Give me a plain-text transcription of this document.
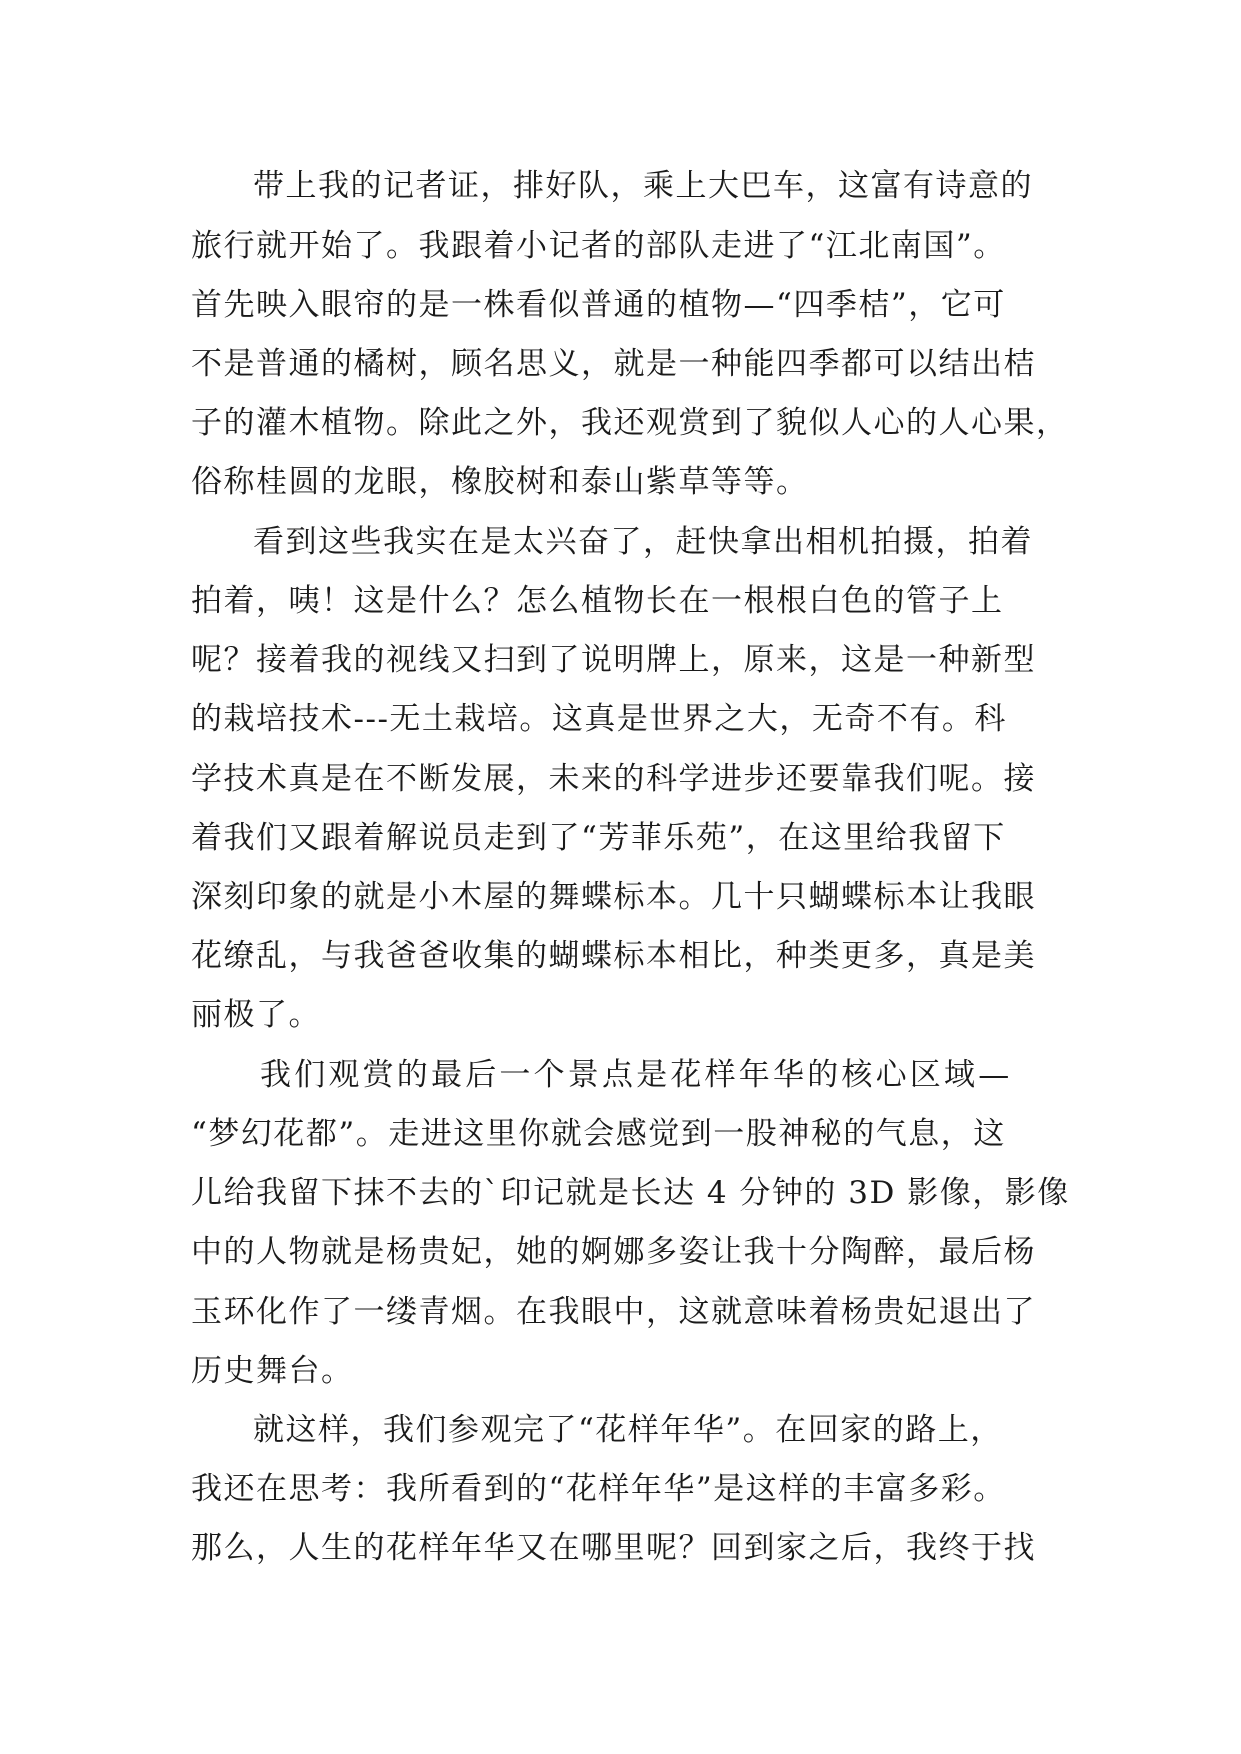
带上我的记者证，排好队，乘上大巴车，这富有诗意的
旅行就开始了。我跟着小记者的部队走进了“江北南国”。
首先映入眼帘的是一株看似普通的植物—“四季桔”，它可
不是普通的橘树，顾名思义，就是一种能四季都可以结出桔
子的灌木植物。除此之外，我还观赏到了貌似人心的人心果，
俗称桂圆的龙眼，橡胶树和泰山紫草等等。
看到这些我实在是太兴奋了，赶快拿出相机拍摄，拍着
拍着，咦！这是什么？怎么植物长在一根根白色的管子上
呢？接着我的视线又扫到了说明牌上，原来，这是一种新型
的栽培技术---无土栽培。这真是世界之大，无奇不有。科
学技术真是在不断发展，未来的科学进步还要靠我们呢。接
着我们又跟着解说员走到了“芳菲乐苑”，在这里给我留下
深刻印象的就是小木屋的舞蝶标本。几十只蝴蝶标本让我眼
花缭乱，与我爸爸收集的蝴蝶标本相比，种类更多，真是美
丽极了。
我们观赏的最后一个景点是花样年华的核心区域—
“梦幻花都”。走进这里你就会感觉到一股神秘的气息，这
儿给我留下抹不去的`印记就是长达 4 分钟的 3D 影像，影像
中的人物就是杨贵妃，她的婀娜多姿让我十分陶醉，最后杨
玉环化作了一缕青烟。在我眼中，这就意味着杨贵妃退出了
历史舞台。
就这样，我们参观完了“花样年华”。在回家的路上，
我还在思考：我所看到的“花样年华”是这样的丰富多彩。
那么，人生的花样年华又在哪里呢？回到家之后，我终于找
